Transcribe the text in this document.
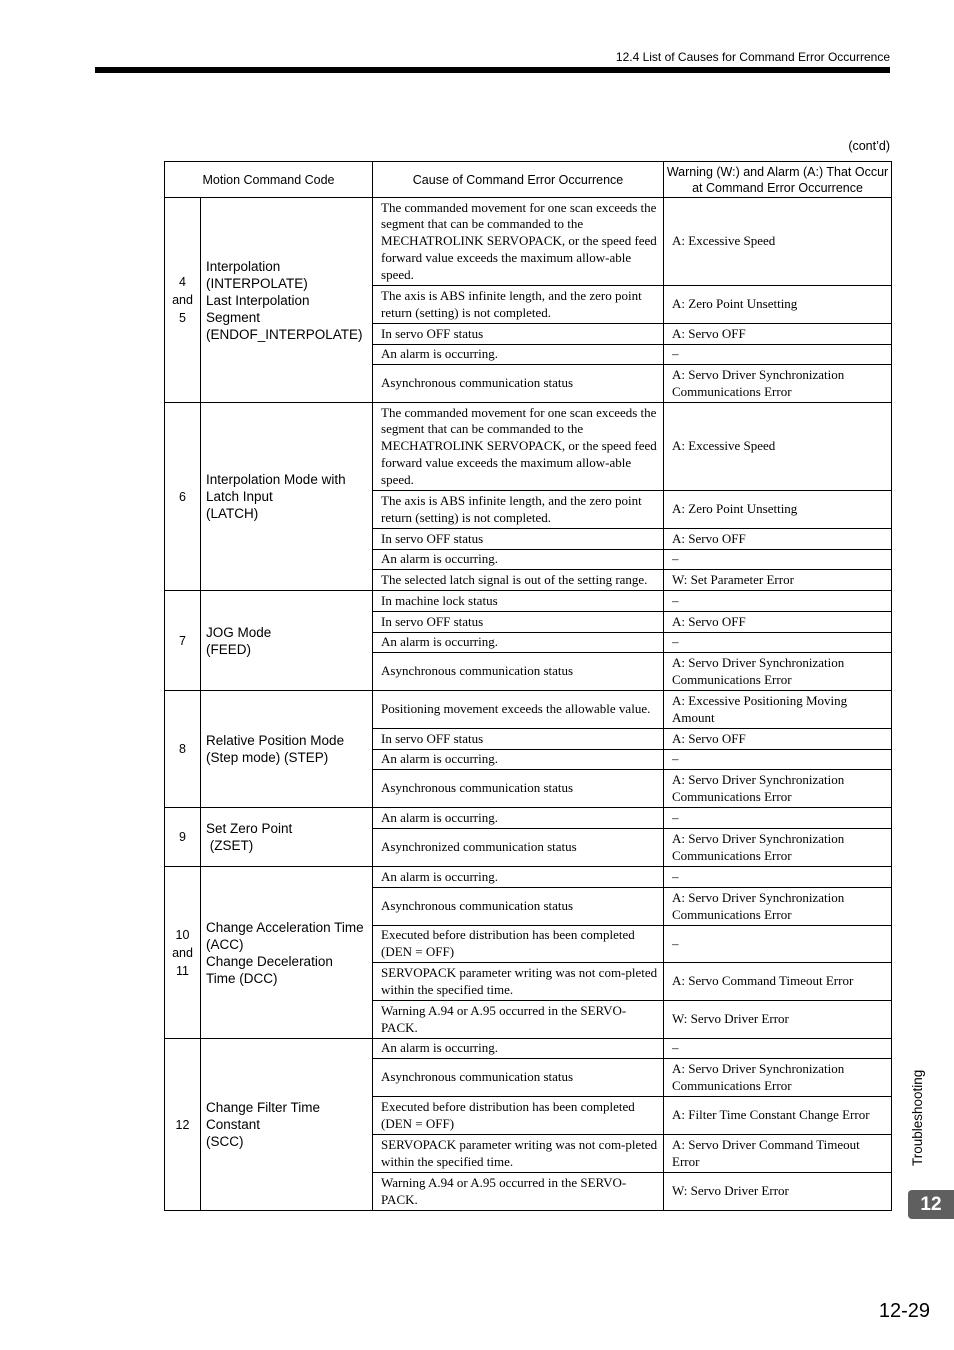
12.4 List of Causes for Command Error Occurrence
(cont’d)
Motion Command Code		Cause of Command Error Occurrence	Warning (W:) and Alarm (A:) That Occur at Command Error Occurrence

4
and
5	Interpolation
(INTERPOLATE)
Last Interpolation
Segment
(ENDOF_INTERPOLATE)	The commanded movement for one scan exceeds the segment that can be commanded to the MECHATROLINK SERVOPACK, or the speed feed forward value exceeds the maximum allow-able speed.	A: Excessive Speed
		The axis is ABS infinite length, and the zero point return (setting) is not completed.	A: Zero Point Unsetting
		In servo OFF status	A: Servo OFF
		An alarm is occurring.	–
		Asynchronous communication status	A: Servo Driver Synchronization Communications Error

6	Interpolation Mode with
Latch Input
(LATCH)	The commanded movement for one scan exceeds the segment that can be commanded to the MECHATROLINK SERVOPACK, or the speed feed forward value exceeds the maximum allow-able speed.	A: Excessive Speed
		The axis is ABS infinite length, and the zero point return (setting) is not completed.	A: Zero Point Unsetting
		In servo OFF status	A: Servo OFF
		An alarm is occurring.	–
		The selected latch signal is out of the setting range.	W: Set Parameter Error

7	JOG Mode
(FEED)	In machine lock status	–
		In servo OFF status	A: Servo OFF
		An alarm is occurring.	–
		Asynchronous communication status	A: Servo Driver Synchronization Communications Error

8	Relative Position Mode
(Step mode) (STEP)	Positioning movement exceeds the allowable value.	A: Excessive Positioning Moving Amount
		In servo OFF status	A: Servo OFF
		An alarm is occurring.	–
		Asynchronous communication status	A: Servo Driver Synchronization Communications Error

9	Set Zero Point
(ZSET)	An alarm is occurring.	–
		Asynchronized communication status	A: Servo Driver Synchronization Communications Error

10
and
11	Change Acceleration Time
(ACC)
Change Deceleration
Time (DCC)	An alarm is occurring.	–
		Asynchronous communication status	A: Servo Driver Synchronization Communications Error
		Executed before distribution has been completed (DEN = OFF)	–
		SERVOPACK parameter writing was not com-pleted within the specified time.	A: Servo Command Timeout Error
		Warning A.94 or A.95 occurred in the SERVO-PACK.	W: Servo Driver Error

12	Change Filter Time
Constant
(SCC)	An alarm is occurring.	–
		Asynchronous communication status	A: Servo Driver Synchronization Communications Error
		Executed before distribution has been completed (DEN = OFF)	A: Filter Time Constant Change Error
		SERVOPACK parameter writing was not com-pleted within the specified time.	A: Servo Driver Command Timeout Error
		Warning A.94 or A.95 occurred in the SERVO-PACK.	W: Servo Driver Error
Troubleshooting
12
12-29
